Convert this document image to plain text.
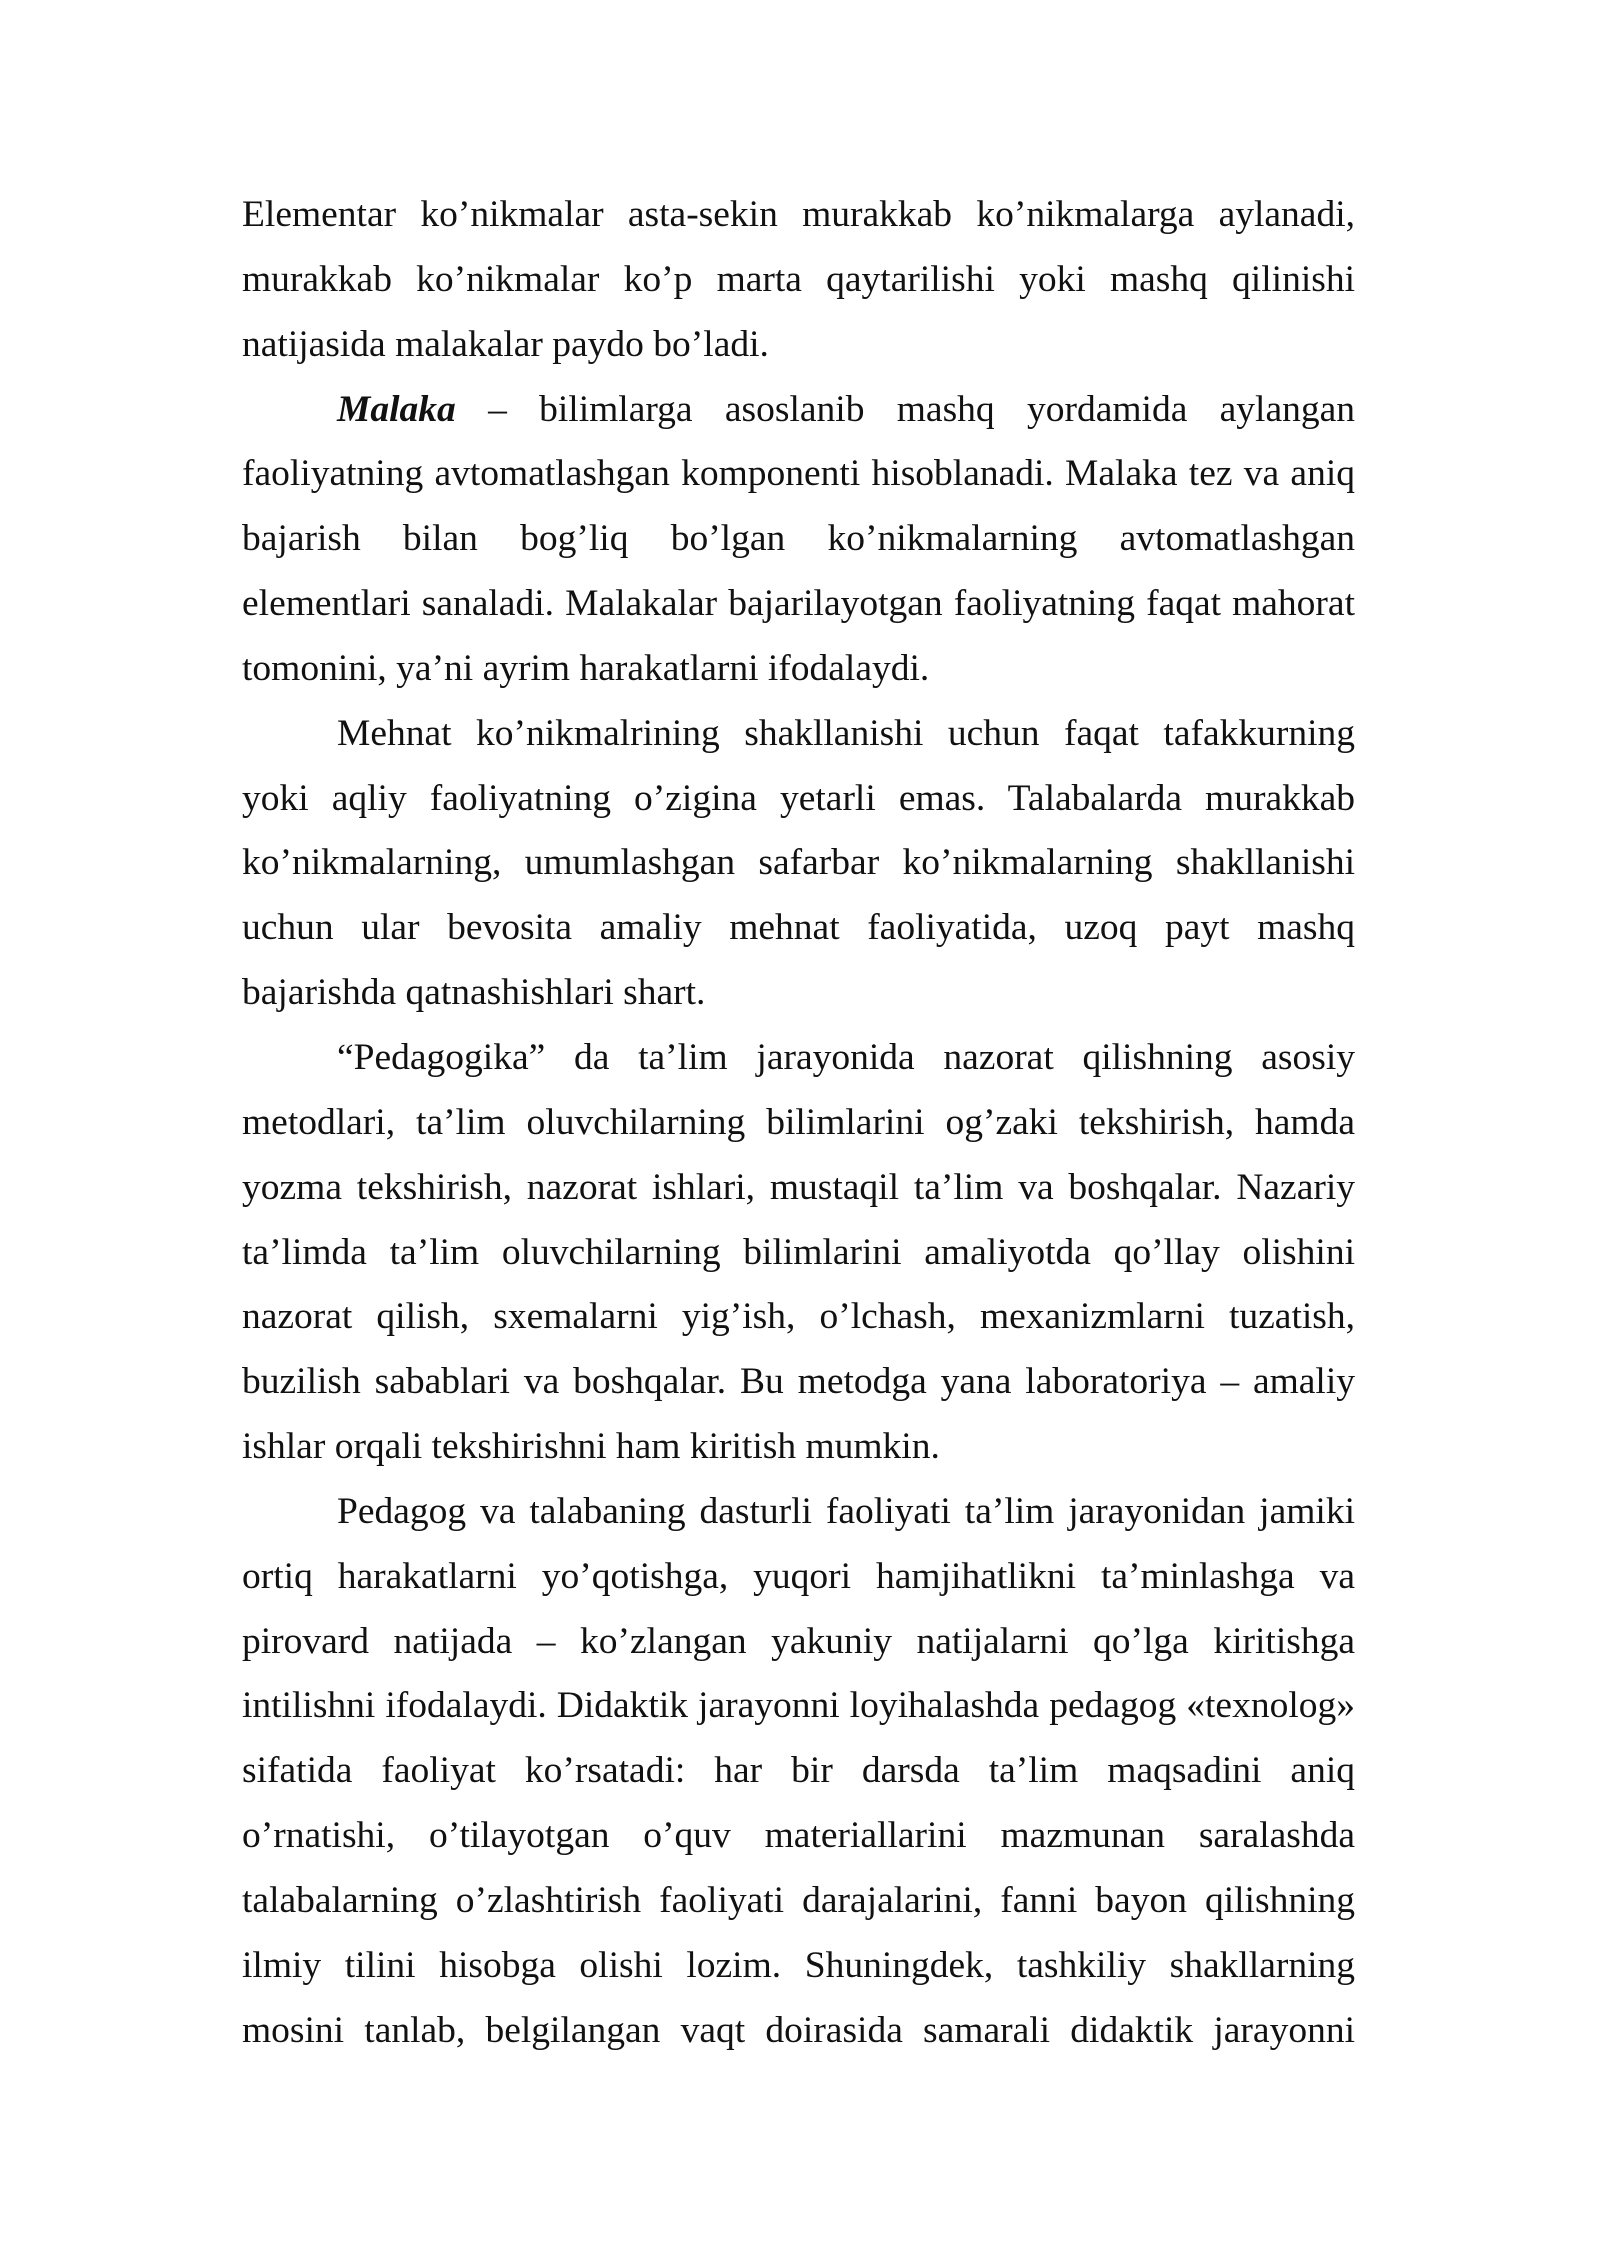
Elementar ko’nikmalar asta-sekin murakkab ko’nikmalarga aylanadi,
murakkab ko’nikmalar ko’p marta qaytarilishi yoki mashq qilinishi
natijasida malakalar paydo bo’ladi.
Malaka – bilimlarga asoslanib mashq yordamida aylangan
faoliyatning avtomatlashgan komponenti hisoblanadi. Malaka tez va aniq
bajarish bilan bog’liq bo’lgan ko’nikmalarning avtomatlashgan
elementlari sanaladi. Malakalar bajarilayotgan faoliyatning faqat mahorat
tomonini, ya’ni ayrim harakatlarni ifodalaydi.
Mehnat ko’nikmalrining shakllanishi uchun faqat tafakkurning
yoki aqliy faoliyatning o’zigina yetarli emas. Talabalarda murakkab
ko’nikmalarning, umumlashgan safarbar ko’nikmalarning shakllanishi
uchun ular bevosita amaliy mehnat faoliyatida, uzoq payt mashq
bajarishda qatnashishlari shart.
“Pedagogika” da ta’lim jarayonida nazorat qilishning asosiy
metodlari, ta’lim oluvchilarning bilimlarini og’zaki tekshirish, hamda
yozma tekshirish, nazorat ishlari, mustaqil ta’lim va boshqalar. Nazariy
ta’limda ta’lim oluvchilarning bilimlarini amaliyotda qo’llay olishini
nazorat qilish, sxemalarni yig’ish, o’lchash, mexanizmlarni tuzatish,
buzilish sabablari va boshqalar. Bu metodga yana laboratoriya – amaliy
ishlar orqali tekshirishni ham kiritish mumkin.
Pedagog va talabaning dasturli faoliyati ta’lim jarayonidan jamiki
ortiq harakatlarni yo’qotishga, yuqori hamjihatlikni ta’minlashga va
pirovard natijada – ko’zlangan yakuniy natijalarni qo’lga kiritishga
intilishni ifodalaydi. Didaktik jarayonni loyihalashda pedagog «texnolog»
sifatida faoliyat ko’rsatadi: har bir darsda ta’lim maqsadini aniq
o’rnatishi, o’tilayotgan o’quv materiallarini mazmunan saralashda
talabalarning o’zlashtirish faoliyati darajalarini, fanni bayon qilishning
ilmiy tilini hisobga olishi lozim. Shuningdek, tashkiliy shakllarning
mosini tanlab, belgilangan vaqt doirasida samarali didaktik jarayonni
